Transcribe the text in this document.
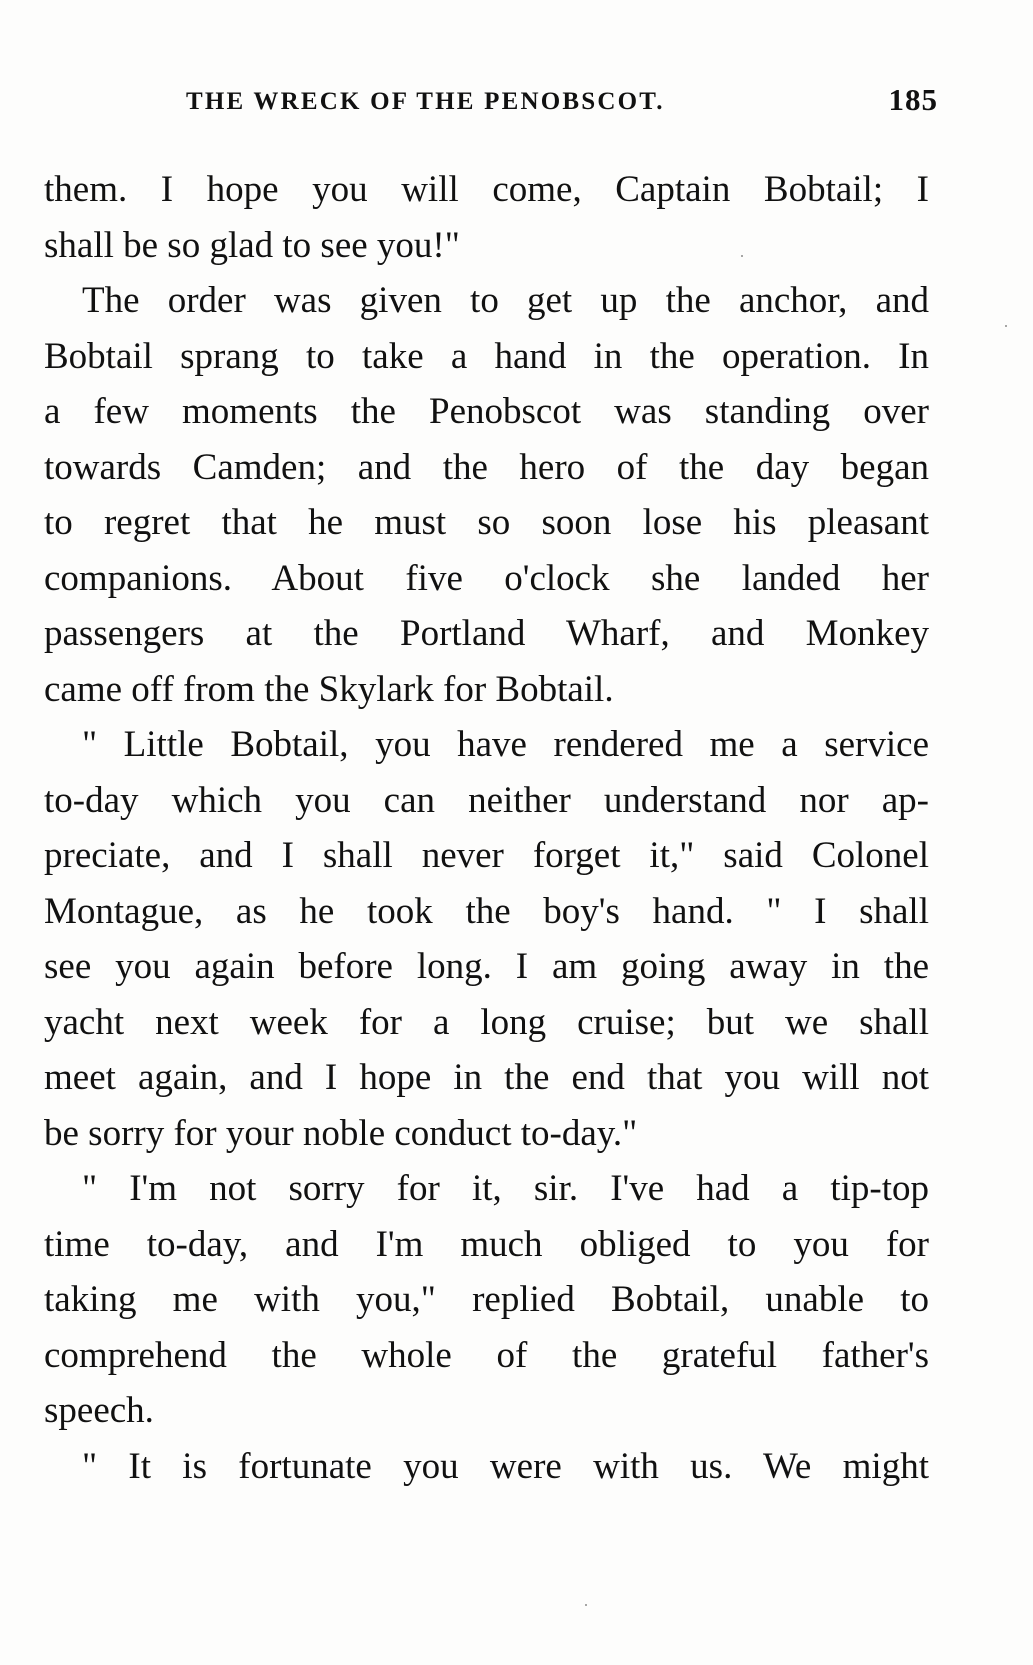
THE WRECK OF THE PENOBSCOT.	185
them. I hope you will come, Captain Bobtail; I
shall be so glad to see you!"
The order was given to get up the anchor, and
Bobtail sprang to take a hand in the operation. In
a few moments the Penobscot was standing over
towards Camden; and the hero of the day began
to regret that he must so soon lose his pleasant
companions. About five o'clock she landed her
passengers at the Portland Wharf, and Monkey
came off from the Skylark for Bobtail.
" Little Bobtail, you have rendered me a service
to-day which you can neither understand nor ap-
preciate, and I shall never forget it," said Colonel
Montague, as he took the boy's hand. " I shall
see you again before long. I am going away in the
yacht next week for a long cruise; but we shall
meet again, and I hope in the end that you will not
be sorry for your noble conduct to-day."
" I'm not sorry for it, sir. I've had a tip-top
time to-day, and I'm much obliged to you for
taking me with you," replied Bobtail, unable to
comprehend the whole of the grateful father's
speech.
" It is fortunate you were with us. We might
